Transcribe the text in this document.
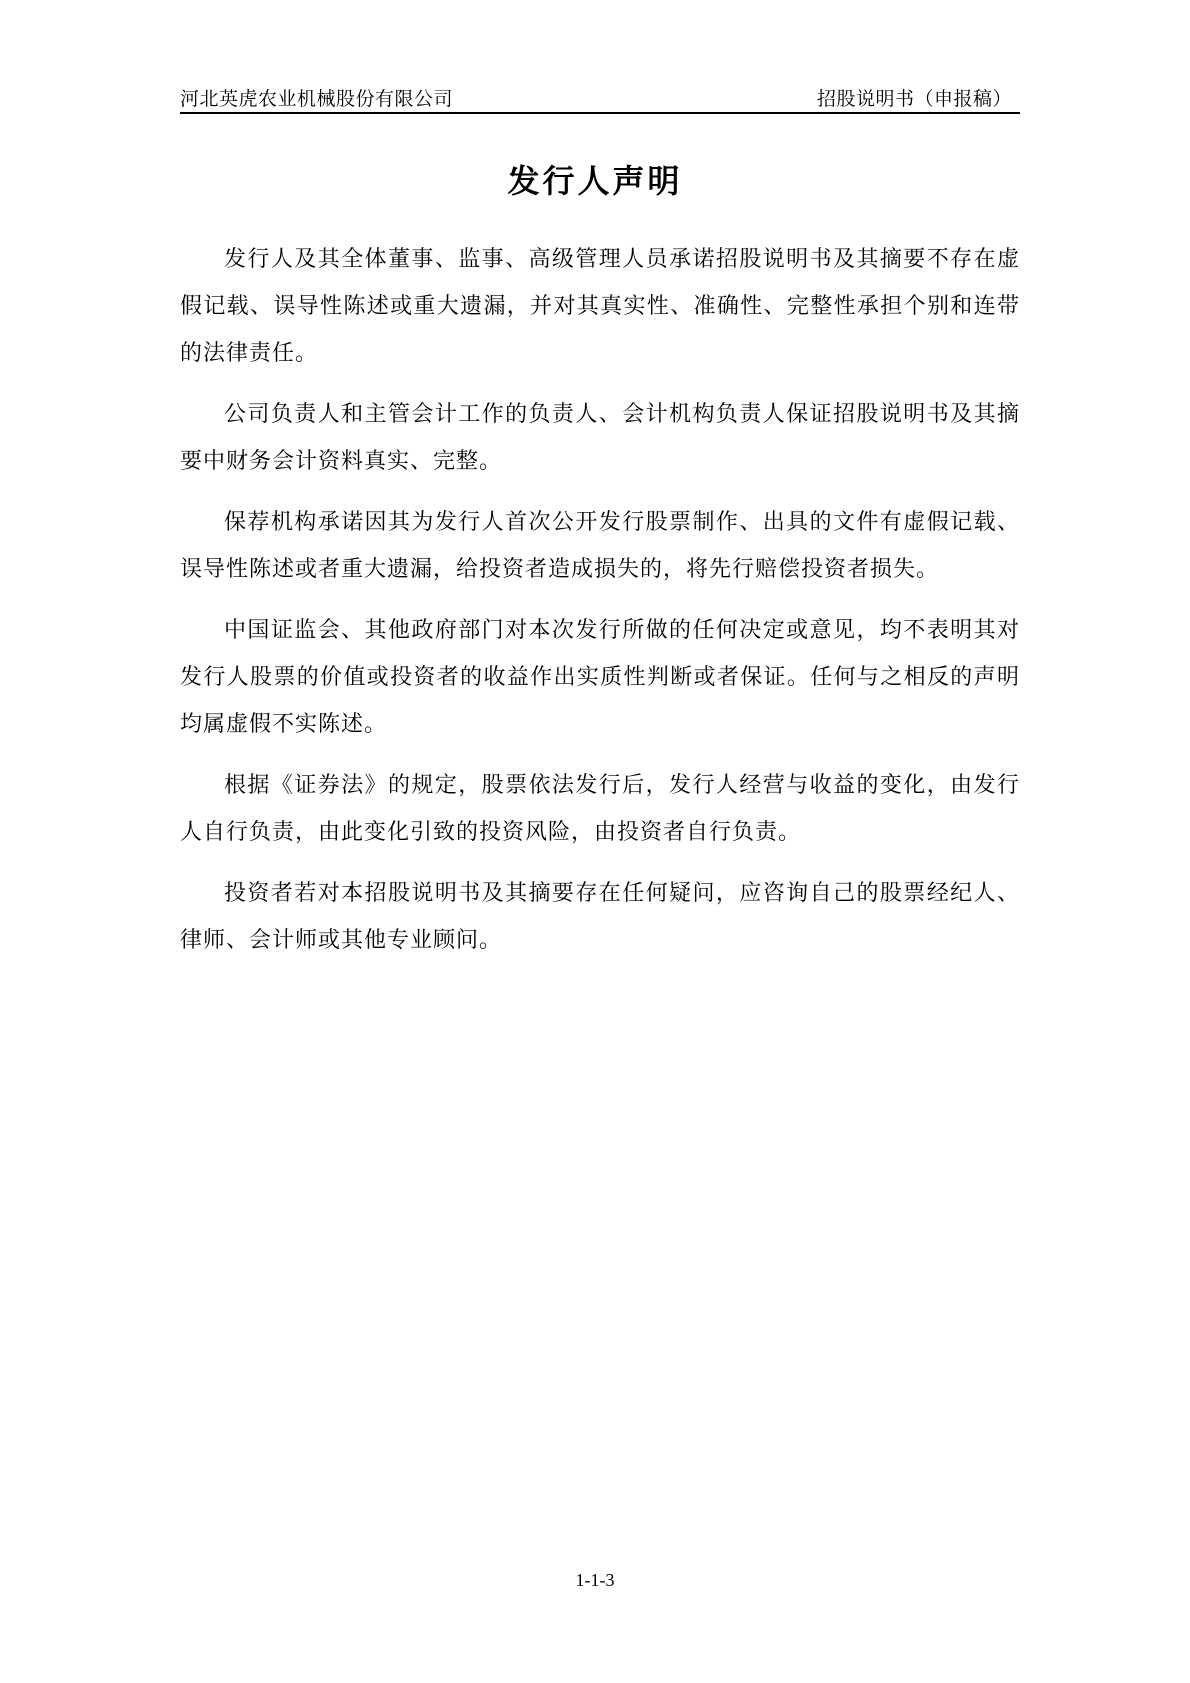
河北英虎农业机械股份有限公司	招股说明书（申报稿）
发行人声明

发行人及其全体董事、监事、高级管理人员承诺招股说明书及其摘要不存在虚假记载、误导性陈述或重大遗漏，并对其真实性、准确性、完整性承担个别和连带的法律责任。

公司负责人和主管会计工作的负责人、会计机构负责人保证招股说明书及其摘要中财务会计资料真实、完整。

保荐机构承诺因其为发行人首次公开发行股票制作、出具的文件有虚假记载、误导性陈述或者重大遗漏，给投资者造成损失的，将先行赔偿投资者损失。

中国证监会、其他政府部门对本次发行所做的任何决定或意见，均不表明其对发行人股票的价值或投资者的收益作出实质性判断或者保证。任何与之相反的声明均属虚假不实陈述。

根据《证券法》的规定，股票依法发行后，发行人经营与收益的变化，由发行人自行负责，由此变化引致的投资风险，由投资者自行负责。

投资者若对本招股说明书及其摘要存在任何疑问，应咨询自己的股票经纪人、律师、会计师或其他专业顾问。

1-1-3
